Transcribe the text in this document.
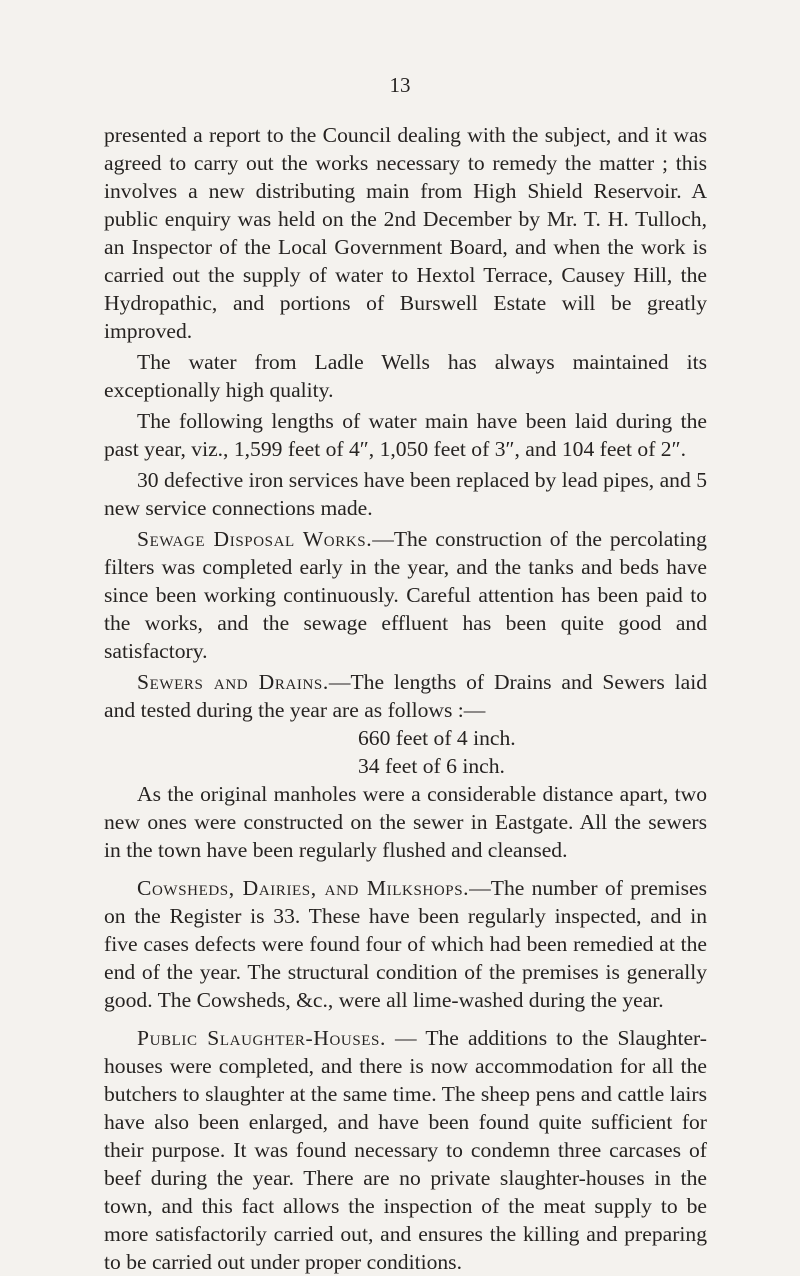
13

presented a report to the Council dealing with the subject, and it was agreed to carry out the works necessary to remedy the matter ; this involves a new distributing main from High Shield Reservoir. A public enquiry was held on the 2nd December by Mr. T. H. Tulloch, an Inspector of the Local Government Board, and when the work is carried out the supply of water to Hextol Terrace, Causey Hill, the Hydropathic, and portions of Burswell Estate will be greatly improved.

The water from Ladle Wells has always maintained its exceptionally high quality.

The following lengths of water main have been laid during the past year, viz., 1,599 feet of 4″, 1,050 feet of 3″, and 104 feet of 2″.

30 defective iron services have been replaced by lead pipes, and 5 new service connections made.

Sewage Disposal Works.—The construction of the percolating filters was completed early in the year, and the tanks and beds have since been working continuously. Careful attention has been paid to the works, and the sewage effluent has been quite good and satisfactory.

Sewers and Drains.—The lengths of Drains and Sewers laid and tested during the year are as follows :—

660 feet of 4 inch.

34 feet of 6 inch.

As the original manholes were a considerable distance apart, two new ones were constructed on the sewer in Eastgate. All the sewers in the town have been regularly flushed and cleansed.

Cowsheds, Dairies, and Milkshops.—The number of premises on the Register is 33. These have been regularly inspected, and in five cases defects were found four of which had been remedied at the end of the year. The structural condition of the premises is generally good. The Cowsheds, &c., were all lime-washed during the year.

Public Slaughter-Houses. — The additions to the Slaughter-houses were completed, and there is now accommodation for all the butchers to slaughter at the same time. The sheep pens and cattle lairs have also been enlarged, and have been found quite sufficient for their purpose. It was found necessary to condemn three carcases of beef during the year. There are no private slaughter-houses in the town, and this fact allows the inspection of the meat supply to be more satisfactorily carried out, and ensures the killing and preparing to be carried out under proper conditions.
